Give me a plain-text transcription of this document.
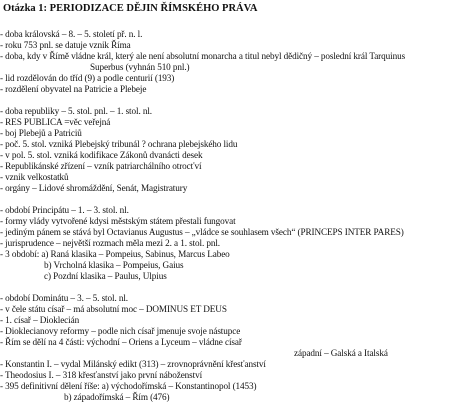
Otázka 1: PERIODIZACE DĚJIN ŘÍMSKÉHO PRÁVA
- doba královská – 8. – 5. století př. n. l.
- roku 753 pnl. se datuje vznik Říma
- doba, kdy v Římě vládne král, který ale není absolutní monarcha a titul nebyl dědičný – poslední král Tarquinus
Superbus (vyhnán 510 pnl.)
- lid rozdělován do tříd (9) a podle centurií (193)
- rozdělení obyvatel na Patricie a Plebeje
- doba republiky – 5. stol. pnl. – 1. stol. nl.
- RES PUBLICA =věc veřejná
- boj Plebejů a Patriciů
- poč. 5. stol. vzniká Plebejský tribunál ? ochrana plebejského lidu
- v pol. 5. stol. vzniká kodifikace Zákonů dvanácti desek
- Republikánské zřízení – vzník patriarchálního otrocťví
- vznik velkostatků
- orgány – Lidové shromáždění, Senát, Magistratury
- období Principátu – 1. – 3. stol. nl.
- formy vlády vytvořené kdysi městským státem přestali fungovat
- jediným pánem se stává byl Octavianus Augustus – „vládce se souhlasem všech“ (PRINCEPS INTER PARES)
- jurisprudence – největší rozmach měla mezi 2. a 1. stol. pnl.
- 3 období: a) Raná klasika – Pompeius, Sabinus, Marcus Labeo
b) Vrcholná klasika – Pompeius, Gaius
c) Pozdní klasika – Paulus, Ulpius
- období Dominátu – 3. – 5. stol. nl.
- v čele státu císař – má absolutní moc – DOMINUS ET DEUS
- 1. císař – Dioklecián
- Dioklecianovy reformy – podle nich císař jmenuje svoje nástupce
- Řím se dělí na 4 části: východní – Oriens a Lyceum – vládne císař
západní – Galská a Italská
- Konstantin I. – vydal Milánský edikt (313) – zrovnoprávnění křesťanství
- Theodosius I. – 318 křesťanství jako první náboženství
- 395 definitivní dělení říše: a) východořímská – Konstantinopol (1453)
b) západořímská – Řím (476)
